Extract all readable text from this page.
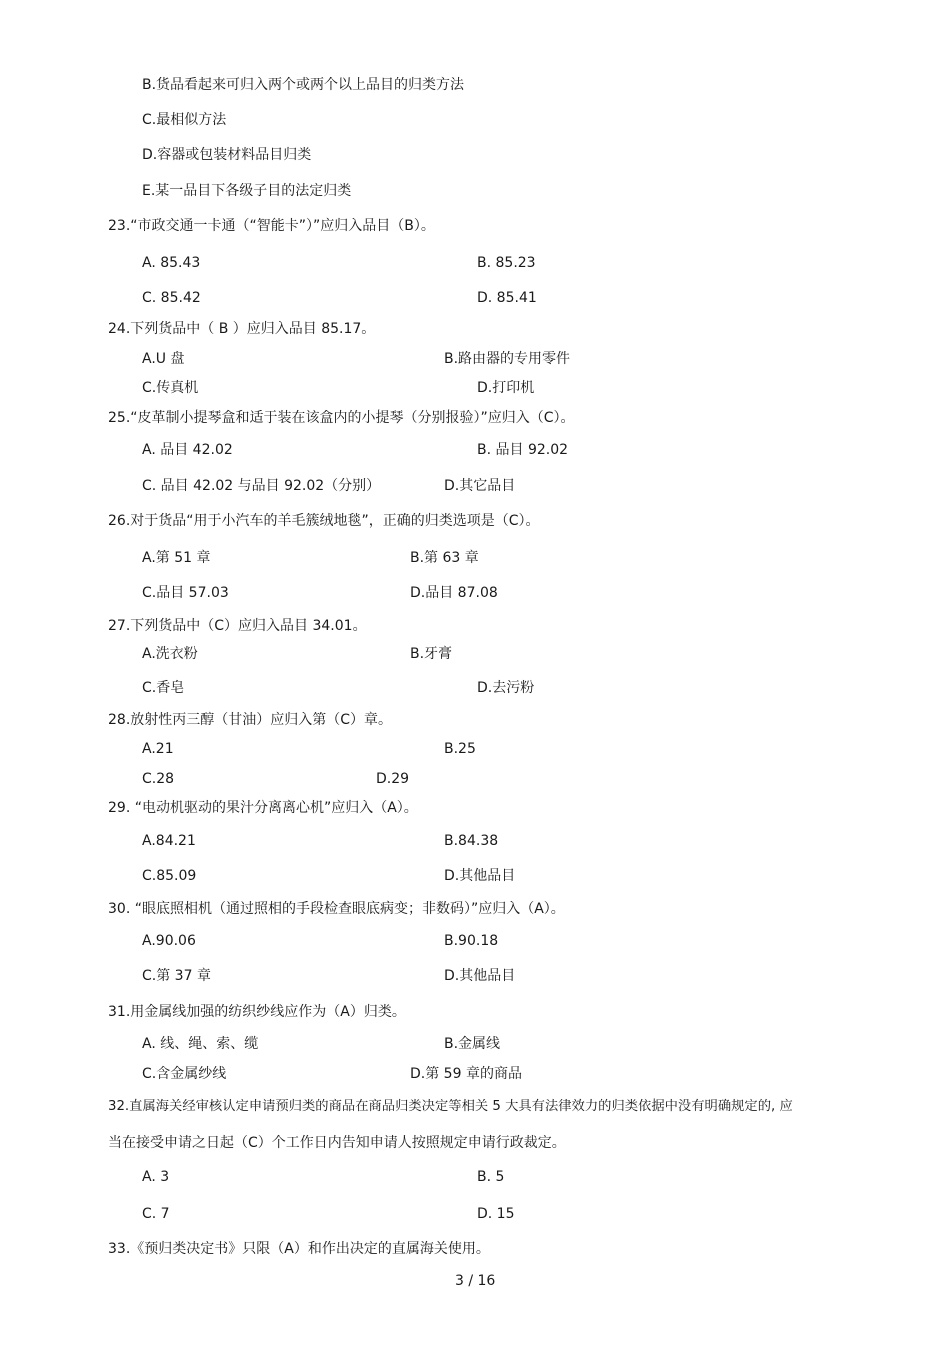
B.货品看起来可归入两个或两个以上品目的归类方法
C.最相似方法
D.容器或包装材料品目归类
E.某一品目下各级子目的法定归类
23.“市政交通一卡通（“智能卡”）”应归入品目（B）。
A. 85.43	B. 85.23
C. 85.42	D. 85.41
24.下列货品中（ B ）应归入品目 85.17。
A.U 盘	B.路由器的专用零件
C.传真机	D.打印机
25.“皮革制小提琴盒和适于装在该盒内的小提琴（分别报验）”应归入（C）。
A. 品目 42.02	B. 品目 92.02
C. 品目 42.02 与品目 92.02（分别）	D.其它品目
26.对于货品“用于小汽车的羊毛簇绒地毯”，正确的归类选项是（C）。
A.第 51 章	B.第 63 章
C.品目 57.03	D.品目 87.08
27.下列货品中（C）应归入品目 34.01。
A.洗衣粉	B.牙膏
C.香皂	D.去污粉
28.放射性丙三醇（甘油）应归入第（C）章。
A.21	B.25
C.28	D.29
29. “电动机驱动的果汁分离离心机”应归入（A）。
A.84.21	B.84.38
C.85.09	D.其他品目
30. “眼底照相机（通过照相的手段检查眼底病变；非数码）”应归入（A）。
A.90.06	B.90.18
C.第 37 章	D.其他品目
31.用金属线加强的纺织纱线应作为（A）归类。
A. 线、绳、索、缆	B.金属线
C.含金属纱线	D.第 59 章的商品
32.直属海关经审核认定申请预归类的商品在商品归类决定等相关 5 大具有法律效力的归类依据中没有明确规定的, 应
当在接受申请之日起（C）个工作日内告知申请人按照规定申请行政裁定。
A. 3	B. 5
C. 7	D. 15
33.《预归类决定书》只限（A）和作出决定的直属海关使用。
3 / 16
